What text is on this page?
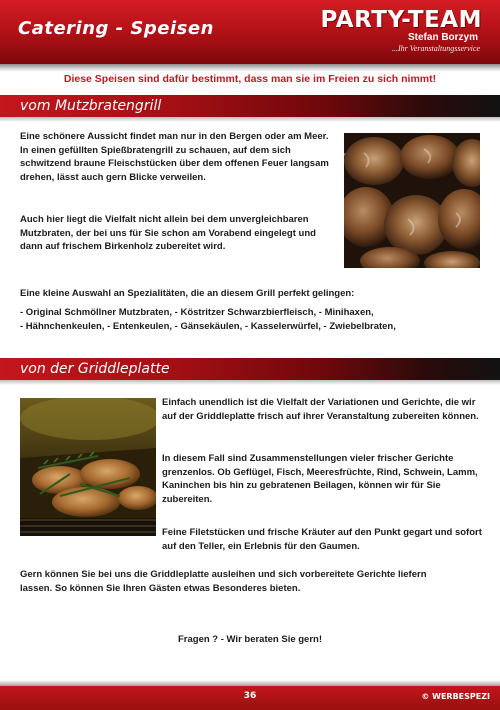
Catering - Speisen	PARTY-TEAM
Stefan Borzym
...Ihr Veranstaltungsservice
Diese Speisen sind dafür bestimmt, dass man sie im Freien zu sich nimmt!
vom Mutzbratengrill

Eine schönere Aussicht findet man nur in den Bergen oder am Meer. In einen gefüllten Spießbratengrill zu schauen, auf dem sich schwitzend braune Fleischstücken über dem offenen Feuer langsam drehen, lässt auch gern Blicke verweilen.

Auch hier liegt die Vielfalt nicht allein bei dem unvergleichbaren Mutzbraten, der bei uns für Sie schon am Vorabend eingelegt und dann auf frischem Birkenholz zubereitet wird.

Eine kleine Auswahl an Spezialitäten, die an diesem Grill perfekt gelingen:

- Original Schmöllner Mutzbraten, - Köstritzer Schwarzbierfleisch, - Minihaxen,

- Hähnchenkeulen, - Entenkeulen, - Gänsekäulen, - Kasselerwürfel, - Zwiebelbraten,

von der Griddleplatte

Einfach unendlich ist die Vielfalt der Variationen und Gerichte, die wir auf der Griddleplatte frisch auf ihrer Veranstaltung zubereiten können.

In diesem Fall sind Zusammenstellungen vieler frischer Gerichte grenzenlos. Ob Geflügel, Fisch, Meeresfrüchte, Rind, Schwein, Lamm, Kaninchen bis hin zu gebratenen Beilagen, können wir für Sie zubereiten.

Feine Filetstücken und frische Kräuter auf den Punkt gegart und sofort auf den Teller, ein Erlebnis für den Gaumen.

Gern können Sie bei uns die Griddleplatte ausleihen und sich vorbereitete Gerichte liefern lassen. So können Sie Ihren Gästen etwas Besonderes bieten.

Fragen ? - Wir beraten Sie gern!

36	© WERBESPEZI
